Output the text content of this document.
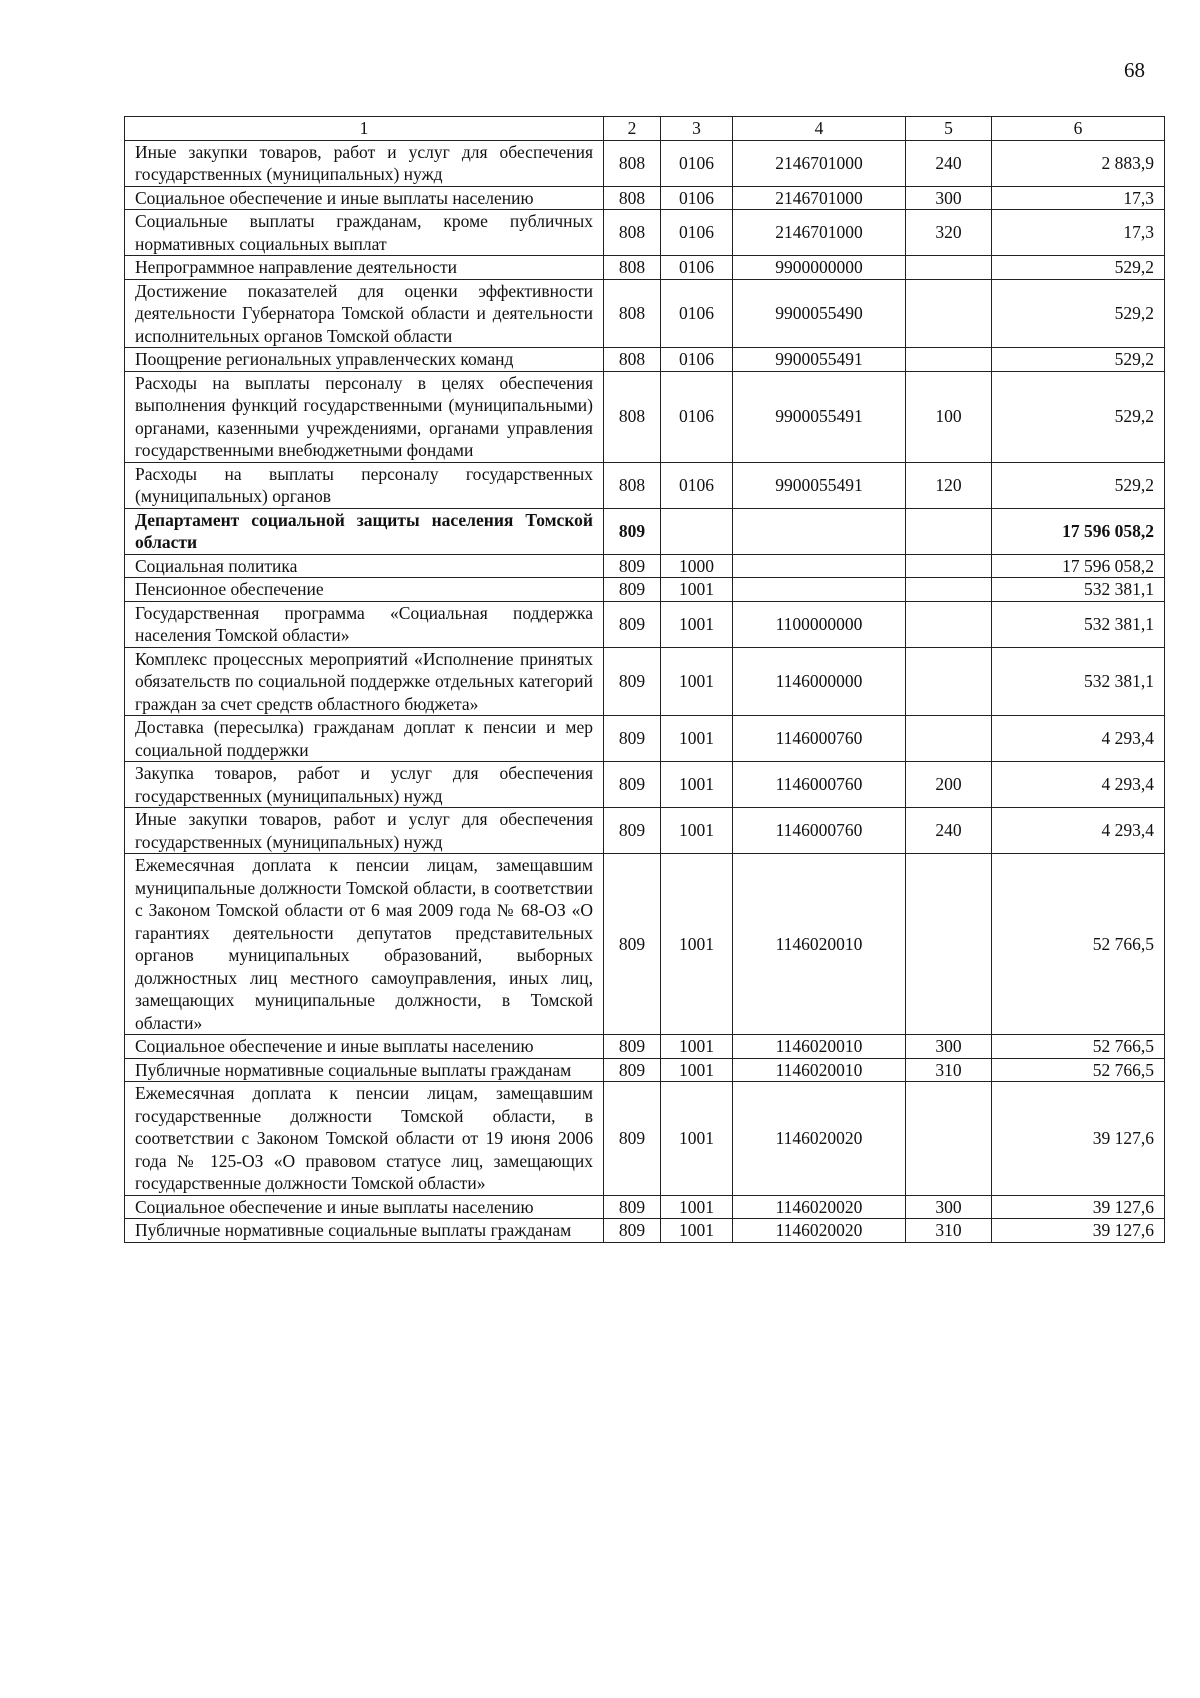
68
1	2	3	4	5	6
Иные закупки товаров, работ и услуг для обеспечения государственных (муниципальных) нужд	808	0106	2146701000	240	2 883,9
Социальное обеспечение и иные выплаты населению	808	0106	2146701000	300	17,3
Социальные выплаты гражданам, кроме публичных нормативных социальных выплат	808	0106	2146701000	320	17,3
Непрограммное направление деятельности	808	0106	9900000000		529,2
Достижение показателей для оценки эффективности деятельности Губернатора Томской области и деятельности исполнительных органов Томской области	808	0106	9900055490		529,2
Поощрение региональных управленческих команд	808	0106	9900055491		529,2
Расходы на выплаты персоналу в целях обеспечения выполнения функций государственными (муниципальными) органами, казенными учреждениями, органами управления государственными внебюджетными фондами	808	0106	9900055491	100	529,2
Расходы на выплаты персоналу государственных (муниципальных) органов	808	0106	9900055491	120	529,2
Департамент социальной защиты населения Томской области	809				17 596 058,2
Социальная политика	809	1000			17 596 058,2
Пенсионное обеспечение	809	1001			532 381,1
Государственная программа «Социальная поддержка населения Томской области»	809	1001	1100000000		532 381,1
Комплекс процессных мероприятий «Исполнение принятых обязательств по социальной поддержке отдельных категорий граждан за счет средств областного бюджета»	809	1001	1146000000		532 381,1
Доставка (пересылка) гражданам доплат к пенсии и мер социальной поддержки	809	1001	1146000760		4 293,4
Закупка товаров, работ и услуг для обеспечения государственных (муниципальных) нужд	809	1001	1146000760	200	4 293,4
Иные закупки товаров, работ и услуг для обеспечения государственных (муниципальных) нужд	809	1001	1146000760	240	4 293,4
Ежемесячная доплата к пенсии лицам, замещавшим муниципальные должности Томской области, в соответствии с Законом Томской области от 6 мая 2009 года № 68-ОЗ «О гарантиях деятельности депутатов представительных органов муниципальных образований, выборных должностных лиц местного самоуправления, иных лиц, замещающих муниципальные должности, в Томской области»	809	1001	1146020010		52 766,5
Социальное обеспечение и иные выплаты населению	809	1001	1146020010	300	52 766,5
Публичные нормативные социальные выплаты гражданам	809	1001	1146020010	310	52 766,5
Ежемесячная доплата к пенсии лицам, замещавшим государственные должности Томской области, в соответствии с Законом Томской области от 19 июня 2006 года № 125-ОЗ «О правовом статусе лиц, замещающих государственные должности Томской области»	809	1001	1146020020		39 127,6
Социальное обеспечение и иные выплаты населению	809	1001	1146020020	300	39 127,6
Публичные нормативные социальные выплаты гражданам	809	1001	1146020020	310	39 127,6
